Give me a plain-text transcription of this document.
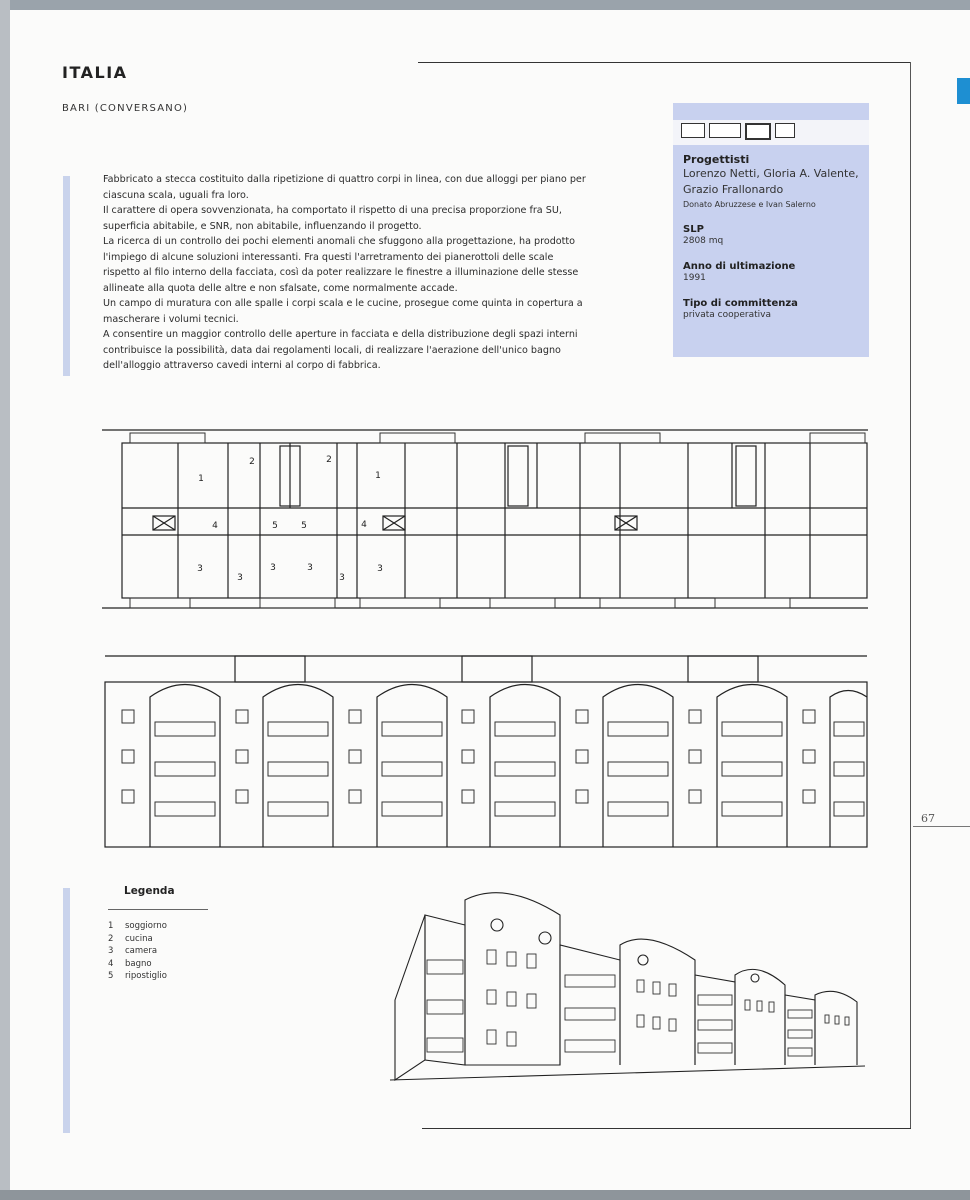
ITALIA
BARI (CONVERSANO)

Fabbricato a stecca costituito dalla ripetizione di quattro corpi in linea, con due alloggi per piano per ciascuna scala, uguali fra loro.

Il carattere di opera sovvenzionata, ha comportato il rispetto di una precisa proporzione fra SU, superficia abitabile, e SNR, non abitabile, influenzando il progetto.

La ricerca di un controllo dei pochi elementi anomali che sfuggono alla progettazione, ha prodotto l'impiego di alcune soluzioni interessanti. Fra questi l'arretramento dei pianerottoli delle scale rispetto al filo interno della facciata, così da poter realizzare le finestre a illuminazione delle stesse allineate alla quota delle altre e non sfalsate, come normalmente accade.

Un campo di muratura con alle spalle i corpi scala e le cucine, prosegue come quinta in copertura a mascherare i volumi tecnici.

A consentire un maggior controllo delle aperture in facciata e della distribuzione degli spazi interni contribuisce la possibilità, data dai regolamenti locali, di realizzare l'aerazione dell'unico bagno dell'alloggio attraverso cavedi interni al corpo di fabbrica.

Progettisti
Lorenzo Netti, Gloria A. Valente, Grazio Frallonardo
Donato Abruzzese e Ivan Salerno
SLP
2808 mq
Anno di ultimazione
1991
Tipo di committenza
privata cooperativa
1
2	2
1
4	5	5	4
3
3
3	3
3
3
Legenda
1	soggiorno
2	cucina
3	camera
4	bagno
5	ripostiglio
67
